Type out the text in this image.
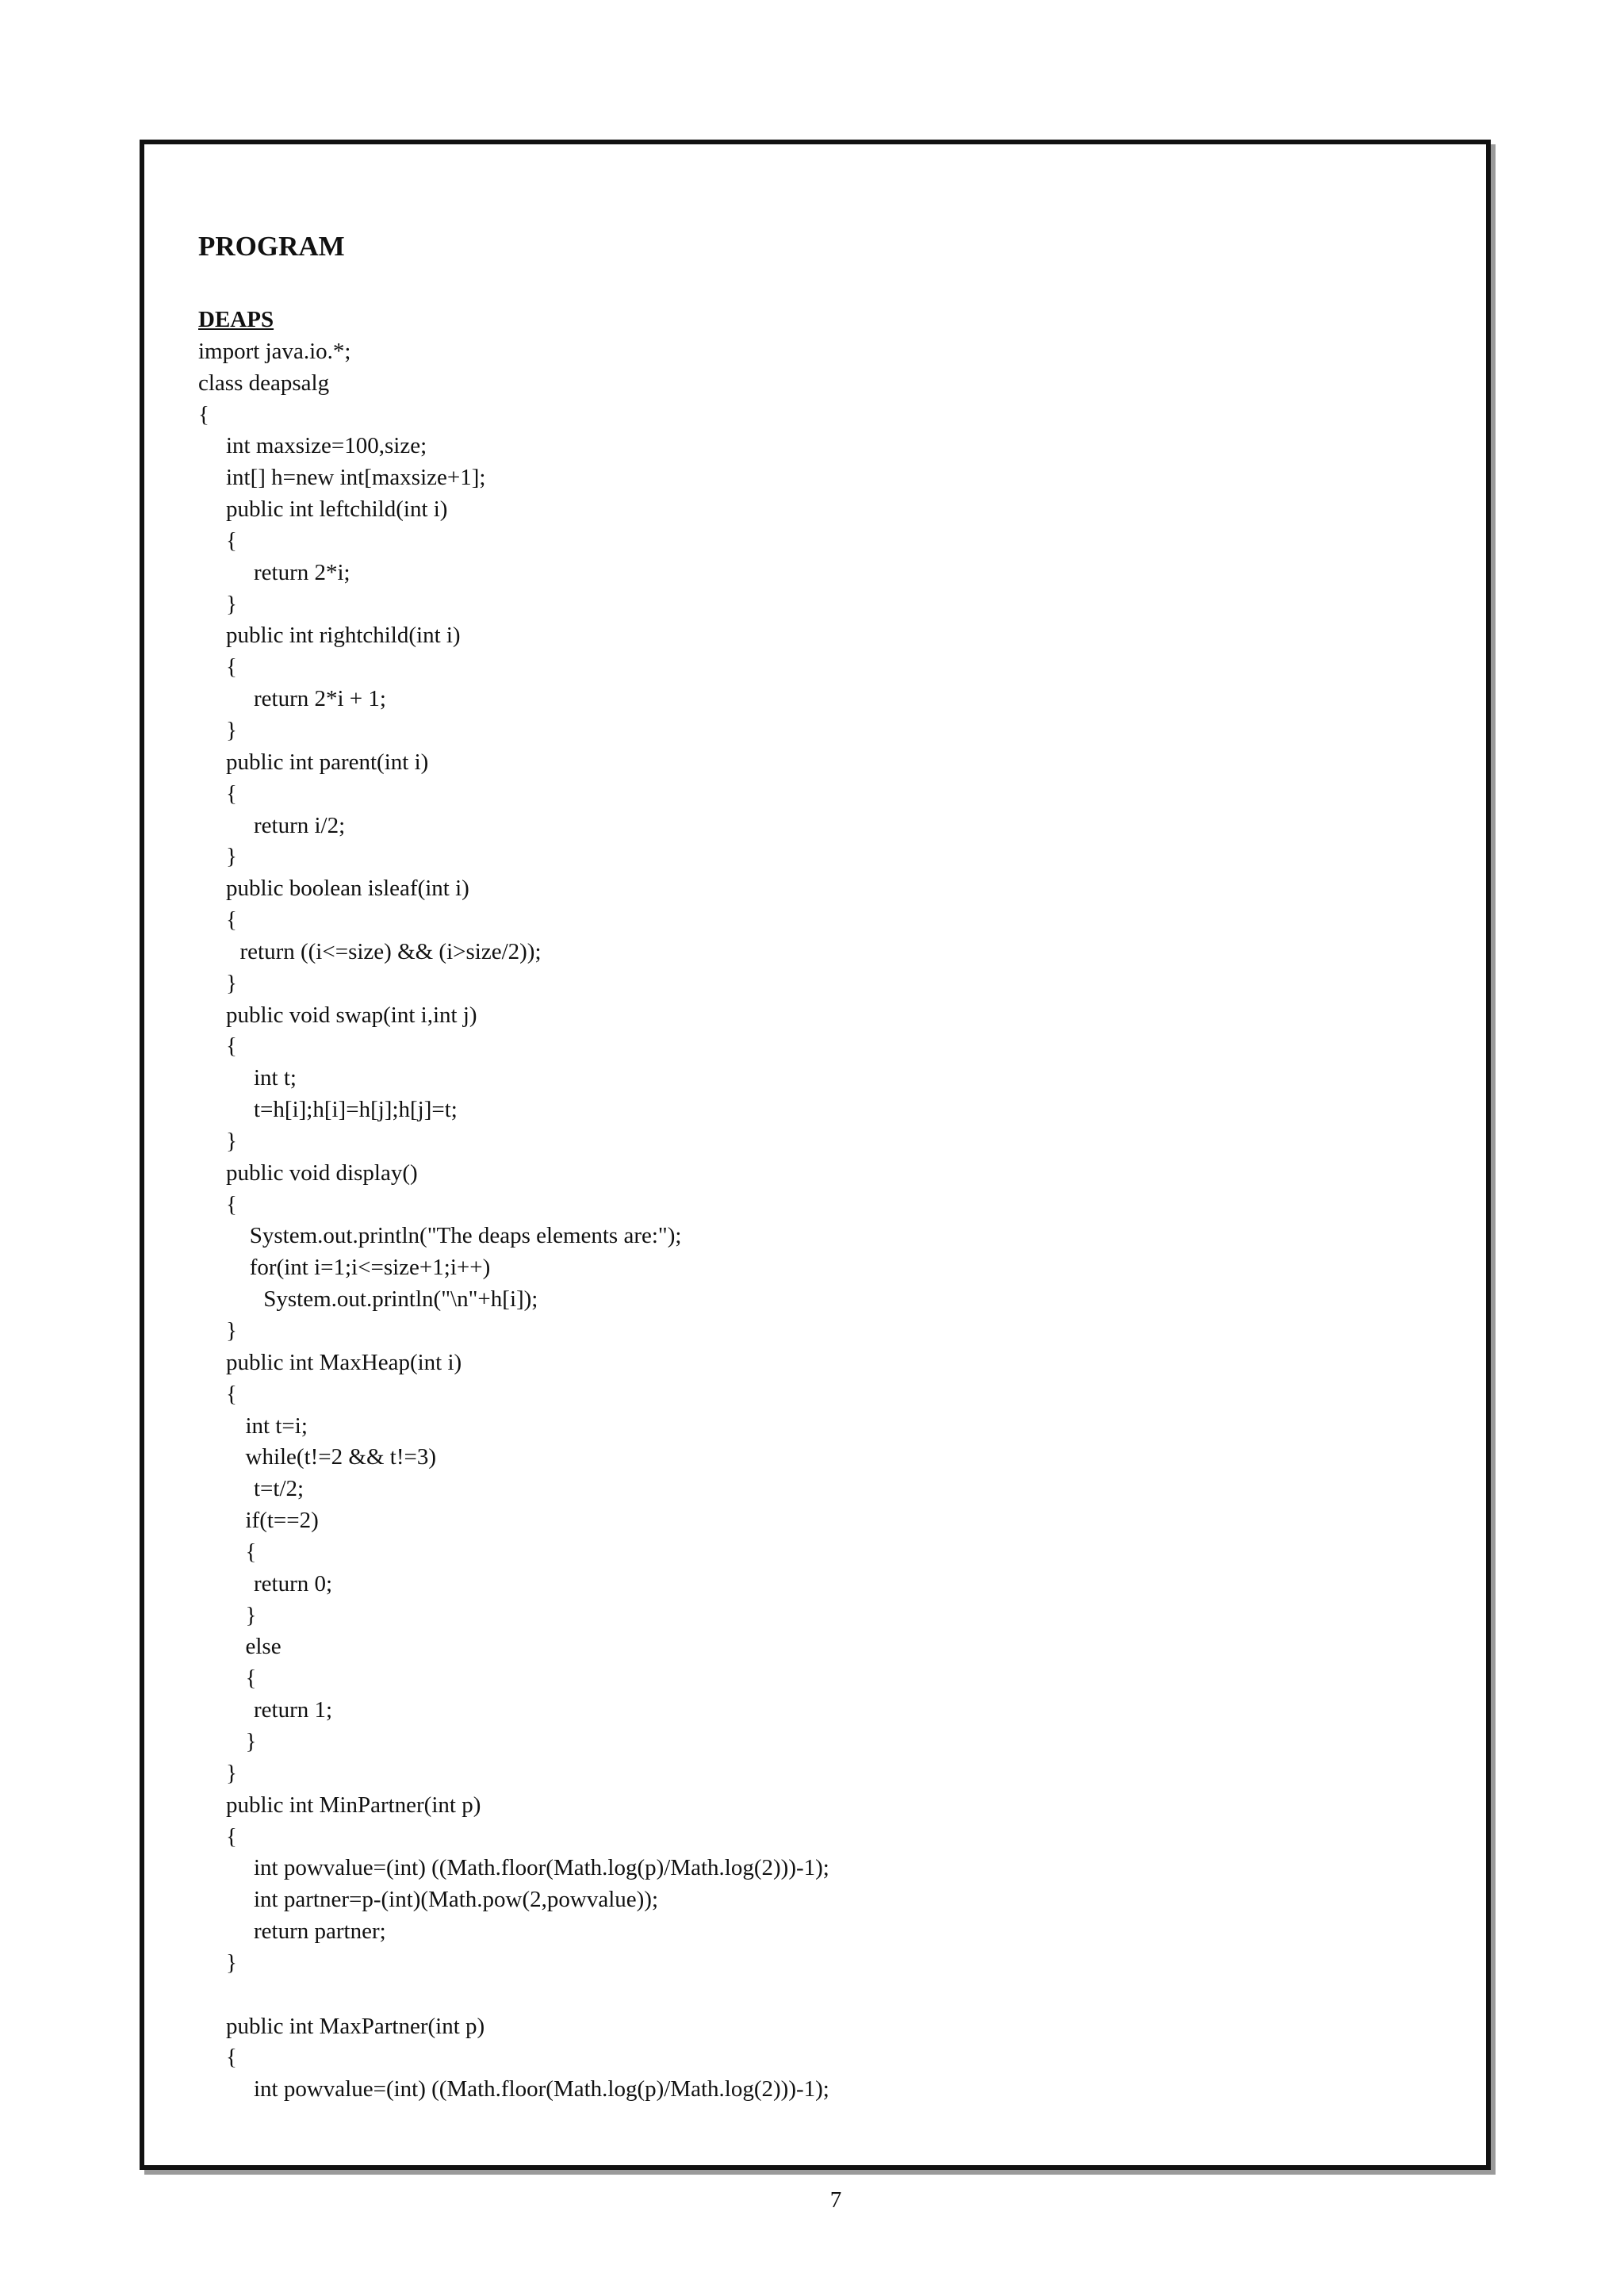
PROGRAM
DEAPS
import java.io.*;
class deapsalg
{
int maxsize=100,size;
int[] h=new int[maxsize+1];
public int leftchild(int i)
{
return 2*i;
}
public int rightchild(int i)
{
return 2*i + 1;
}
public int parent(int i)
{
return i/2;
}
public boolean isleaf(int i)
{
return ((i<=size) && (i>size/2));
}
public void swap(int i,int j)
{
int t;
t=h[i];h[i]=h[j];h[j]=t;
}
public void display()
{
System.out.println("The deaps elements are:");
for(int i=1;i<=size+1;i++)
System.out.println("\n"+h[i]);
}
public int MaxHeap(int i)
{
int t=i;
while(t!=2 && t!=3)
t=t/2;
if(t==2)
{
return 0;
}
else
{
return 1;
}
}
public int MinPartner(int p)
{
int powvalue=(int) ((Math.floor(Math.log(p)/Math.log(2)))-1);
int partner=p-(int)(Math.pow(2,powvalue));
return partner;
}
public int MaxPartner(int p)
{
int powvalue=(int) ((Math.floor(Math.log(p)/Math.log(2)))-1);
7
